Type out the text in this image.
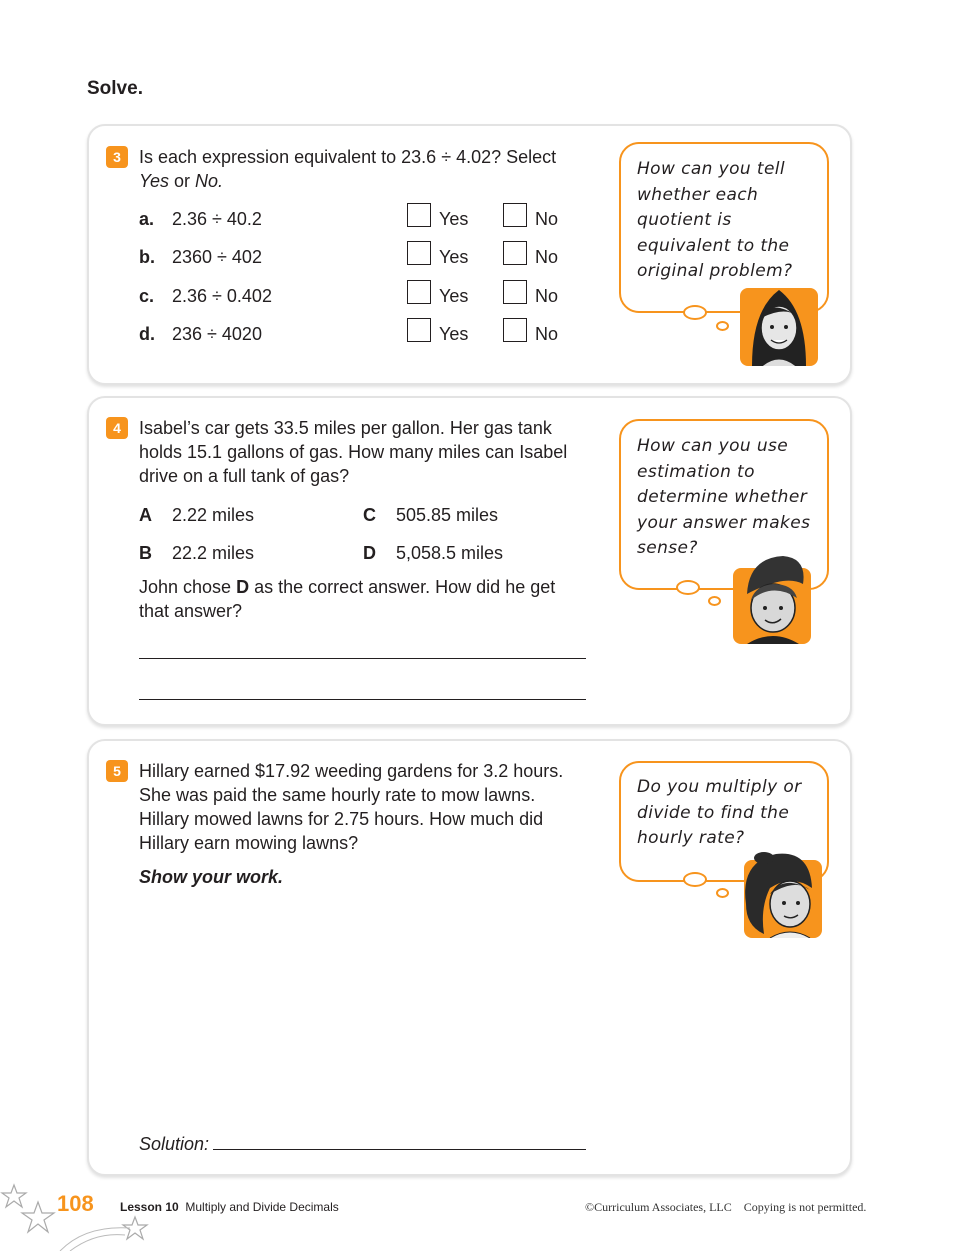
Solve.
3	Is each expression equivalent to 23.6 ÷ 4.02? Select
Yes or No.
a. 2.36 ÷ 40.2	Yes	No
b. 2360 ÷ 402	Yes	No
c. 2.36 ÷ 0.402	Yes	No
d. 236 ÷ 4020	Yes	No
How can you tell
whether each
quotient is
equivalent to the
original problem?
4	Isabel’s car gets 33.5 miles per gallon. Her gas tank
holds 15.1 gallons of gas. How many miles can Isabel
drive on a full tank of gas?
A 2.22 miles
B 22.2 miles
C 505.85 miles
D 5,058.5 miles
John chose D as the correct answer. How did he get
that answer?
How can you use
estimation to
determine whether
your answer makes
sense?
5	Hillary earned $17.92 weeding gardens for 3.2 hours.
She was paid the same hourly rate to mow lawns.
Hillary mowed lawns for 2.75 hours. How much did
Hillary earn mowing lawns?
Show your work.
Solution:
Do you multiply or
divide to find the
hourly rate?
108 Lesson 10 Multiply and Divide Decimals	©Curriculum Associates, LLC Copying is not permitted.
